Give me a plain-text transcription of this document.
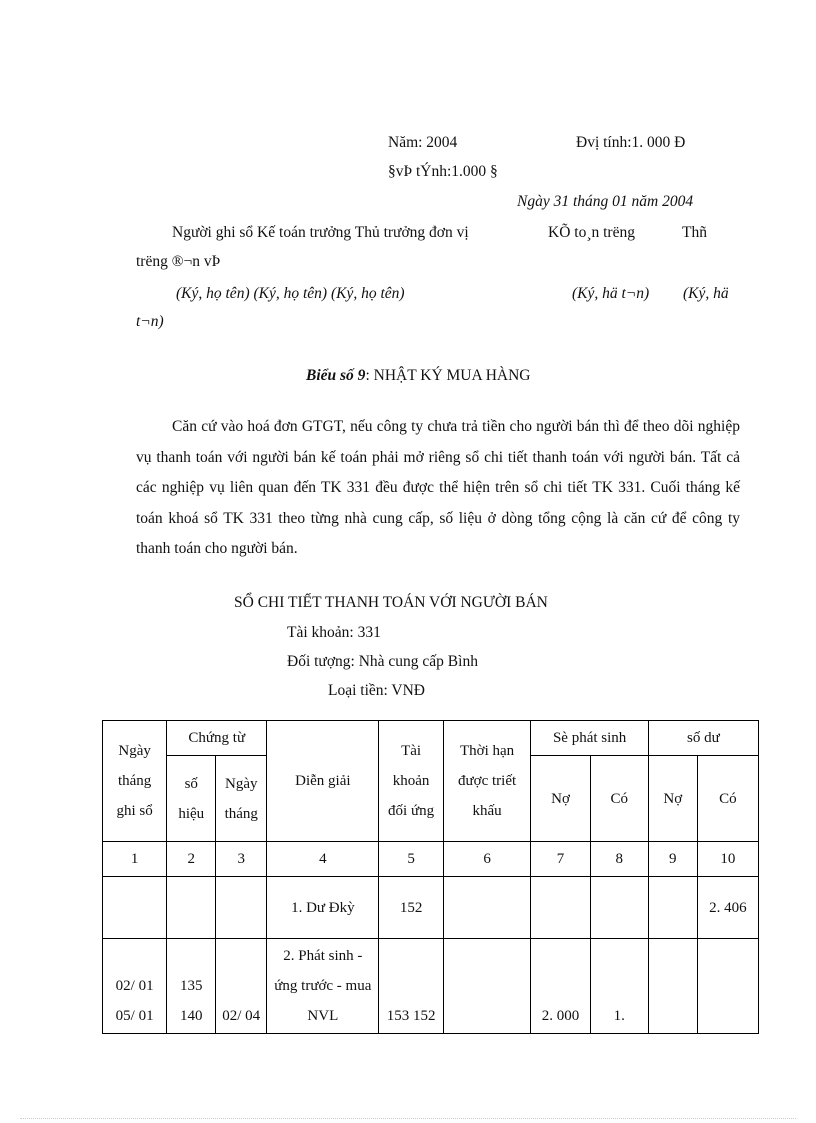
Năm: 2004	Đvị tính:1. 000 Đ
§vÞ tÝnh:1.000 §
Ngày 31 tháng 01 năm 2004
Người ghi sổ Kế toán trưởng Thủ trưởng đơn vị	KÕ to¸n trëng	Thñ
trëng ®¬n vÞ
(Ký, họ tên) (Ký, họ tên) (Ký, họ tên)	(Ký, hä t¬n) (Ký, hä
t¬n)
Biểu số 9: NHẬT KÝ MUA HÀNG
Căn cứ vào hoá đơn GTGT, nếu công ty chưa trả tiền cho người bán thì để theo dõi nghiệp vụ thanh toán với người bán kế toán phải mở riêng sổ chi tiết thanh toán với người bán. Tất cả các nghiệp vụ liên quan đến TK 331 đều được thể hiện trên sổ chi tiết TK 331. Cuối tháng kế toán khoá sổ TK 331 theo từng nhà cung cấp, số liệu ở dòng tổng cộng là căn cứ để công ty thanh toán cho người bán.
SỔ CHI TIẾT THANH TOÁN VỚI NGƯỜI BÁN
Tài khoản: 331
Đối tượng: Nhà cung cấp Bình
Loại tiền: VNĐ
Ngày tháng ghi sổ	Chứng từ		Diễn giải	Tài khoản đối ứng	Thời hạn được triết khấu	Sè phát sinh		số dư	
	số hiệu	Ngày tháng				Nợ	Có	Nợ	Có
1	2	3	4	5	6	7	8	9	10
			1. Dư Đkỳ	152					2. 406
02/ 01 05/ 01	135 140	02/ 04	2. Phát sinh - ứng trước - mua NVL	153 152		2. 000	1.		
